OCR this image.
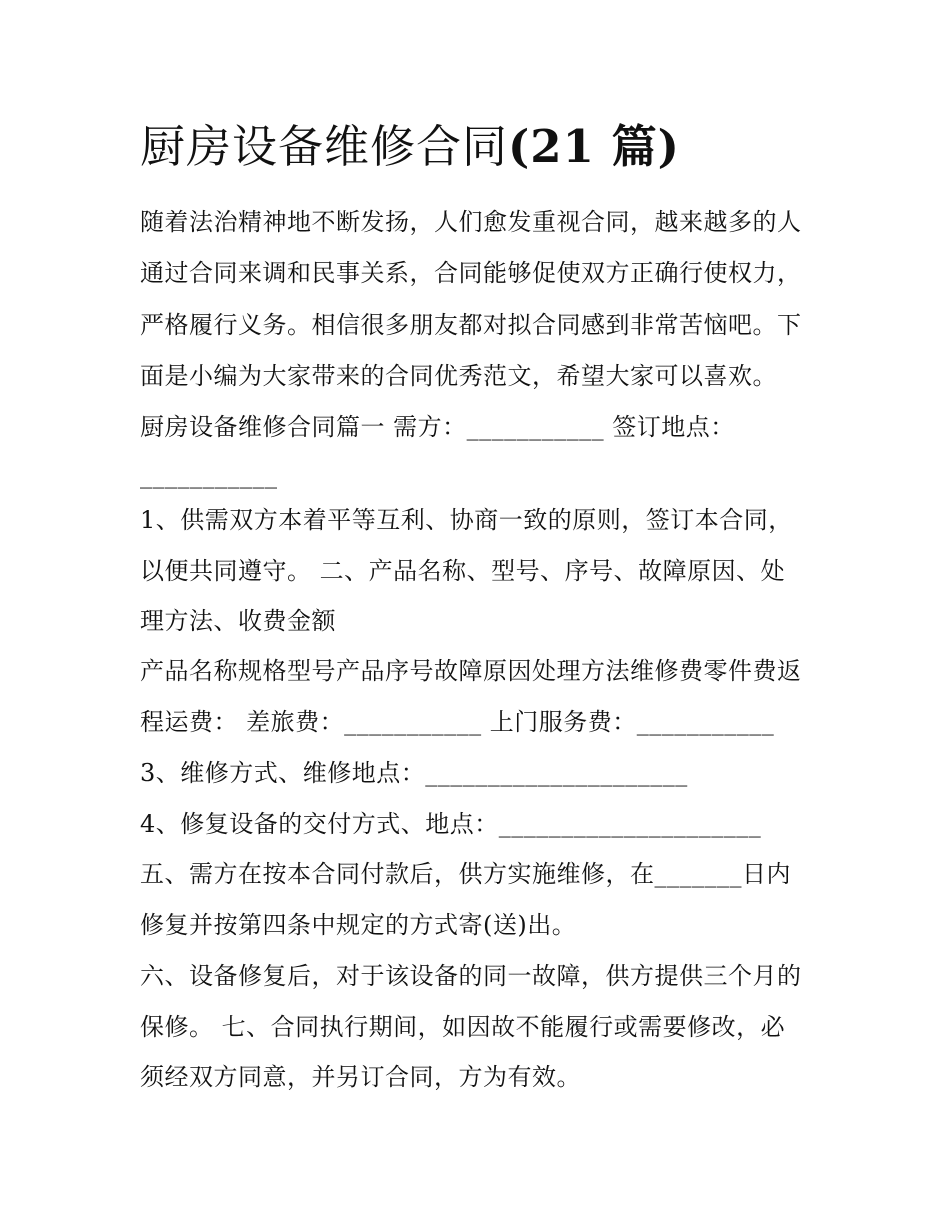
厨房设备维修合同(21 篇)
随着法治精神地不断发扬，人们愈发重视合同，越来越多的人
通过合同来调和民事关系，合同能够促使双方正确行使权力，
严格履行义务。相信很多朋友都对拟合同感到非常苦恼吧。下
面是小编为大家带来的合同优秀范文，希望大家可以喜欢。
厨房设备维修合同篇一 需方：___________ 签订地点：
___________
1、供需双方本着平等互利、协商一致的原则，签订本合同，
以便共同遵守。 二、产品名称、型号、序号、故障原因、处
理方法、收费金额
产品名称规格型号产品序号故障原因处理方法维修费零件费返
程运费： 差旅费：___________ 上门服务费：___________
3、维修方式、维修地点：_____________________
4、修复设备的交付方式、地点：_____________________
五、需方在按本合同付款后，供方实施维修，在_______日内
修复并按第四条中规定的方式寄(送)出。
六、设备修复后，对于该设备的同一故障，供方提供三个月的
保修。 七、合同执行期间，如因故不能履行或需要修改，必
须经双方同意，并另订合同，方为有效。
